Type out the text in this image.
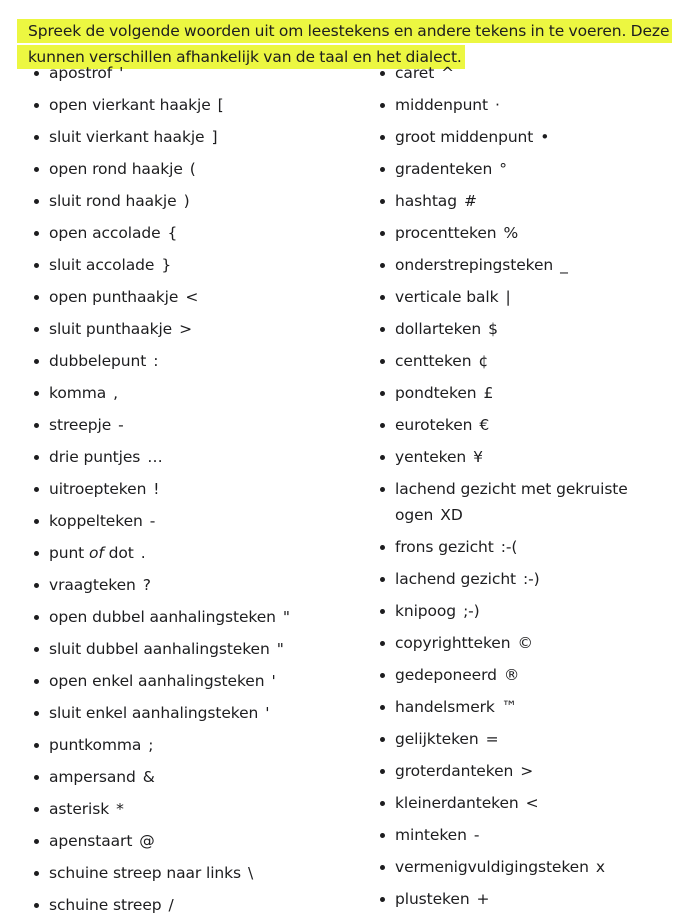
Spreek de volgende woorden uit om leestekens en andere tekens in te voeren. Deze kunnen verschillen afhankelijk van de taal en het dialect.

apostrof '
open vierkant haakje [
sluit vierkant haakje ]
open rond haakje (
sluit rond haakje )
open accolade {
sluit accolade }
open punthaakje <
sluit punthaakje >
dubbelepunt :
komma ,
streepje -
drie puntjes …
uitroepteken !
koppelteken -
punt of dot .
vraagteken ?
open dubbel aanhalingsteken "
sluit dubbel aanhalingsteken "
open enkel aanhalingsteken '
sluit enkel aanhalingsteken '
puntkomma ;
ampersand &
asterisk *
apenstaart @
schuine streep naar links \
schuine streep /
caret ^
middenpunt ·
groot middenpunt •
gradenteken °
hashtag #
procentteken %
onderstrepingsteken _
verticale balk |
dollarteken $
centteken ¢
pondteken £
euroteken €
yenteken ¥
lachend gezicht met gekruiste ogen XD
frons gezicht :-(
lachend gezicht :-)
knipoog ;-)
copyrightteken ©
gedeponeerd ®
handelsmerk ™
gelijkteken =
groterdanteken >
kleinerdanteken <
minteken -
vermenigvuldigingsteken x
plusteken +
